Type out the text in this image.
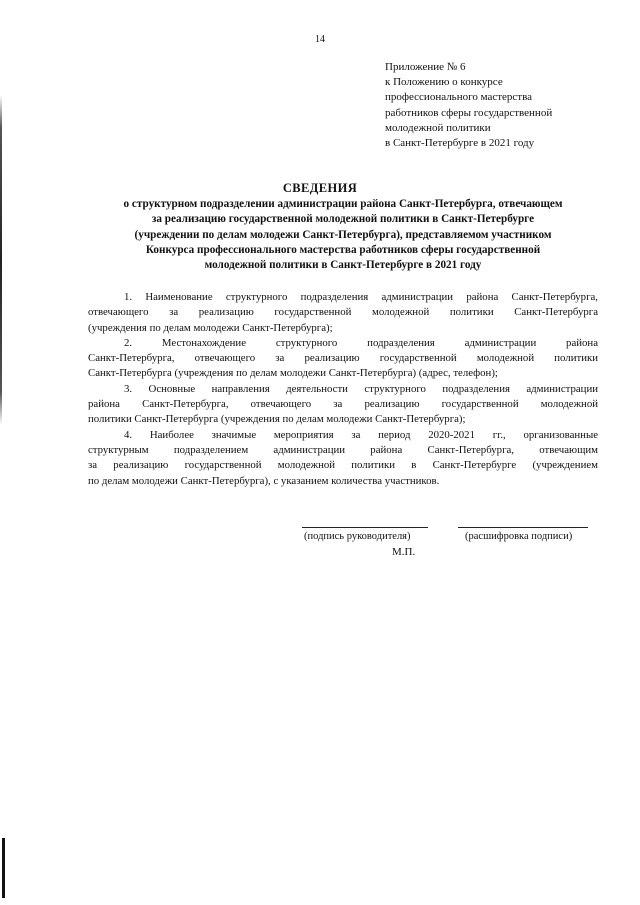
14
Приложение № 6
к Положению о конкурсе
профессионального мастерства
работников сферы государственной
молодежной политики
в Санкт-Петербурге в 2021 году
СВЕДЕНИЯ
о структурном подразделении администрации района Санкт-Петербурга, отвечающем
за реализацию государственной молодежной политики в Санкт-Петербурге
(учреждении по делам молодежи Санкт-Петербурга), представляемом участником
Конкурса профессионального мастерства работников сферы государственной
молодежной политики в Санкт-Петербурге в 2021 году
1. Наименование структурного подразделения администрации района Санкт-Петербурга,
отвечающего за реализацию государственной молодежной политики Санкт-Петербурга
(учреждения по делам молодежи Санкт-Петербурга);
2. Местонахождение структурного подразделения администрации района
Санкт-Петербурга, отвечающего за реализацию государственной молодежной политики
Санкт-Петербурга (учреждения по делам молодежи Санкт-Петербурга) (адрес, телефон);
3. Основные направления деятельности структурного подразделения администрации
района Санкт-Петербурга, отвечающего за реализацию государственной молодежной
политики Санкт-Петербурга (учреждения по делам молодежи Санкт-Петербурга);
4. Наиболее значимые мероприятия за период 2020-2021 гг., организованные
структурным подразделением администрации района Санкт-Петербурга, отвечающим
за реализацию государственной молодежной политики в Санкт-Петербурге (учреждением
по делам молодежи Санкт-Петербурга), с указанием количества участников.
(подпись руководителя)	(расшифровка подписи)
М.П.
